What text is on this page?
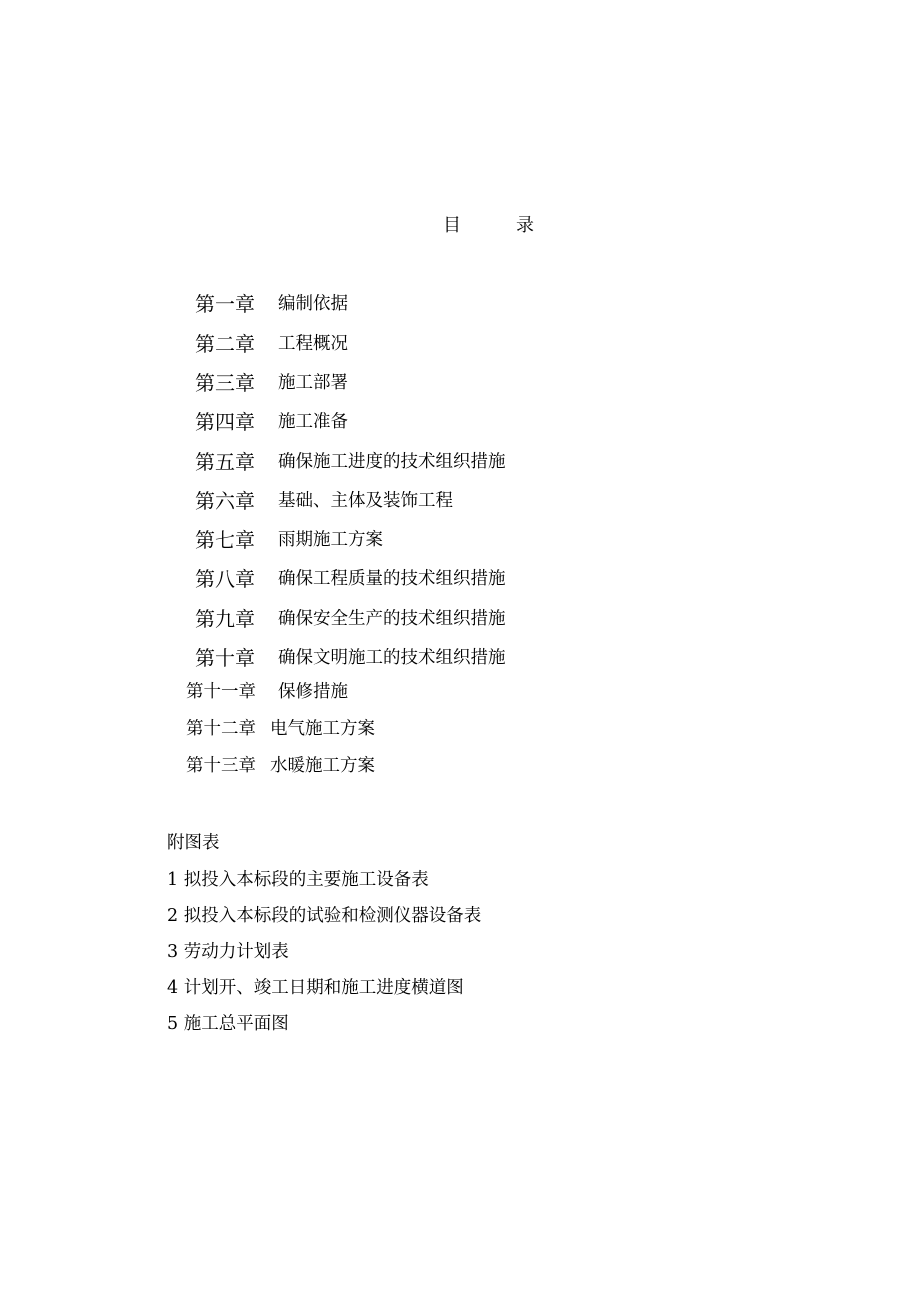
目	录
第一章 编制依据
第二章 工程概况
第三章 施工部署
第四章 施工准备
第五章 确保施工进度的技术组织措施
第六章 基础、主体及装饰工程
第七章 雨期施工方案
第八章 确保工程质量的技术组织措施
第九章 确保安全生产的技术组织措施
第十章 确保文明施工的技术组织措施
第十一章 保修措施
第十二章 电气施工方案
第十三章 水暖施工方案
附图表
1 拟投入本标段的主要施工设备表
2 拟投入本标段的试验和检测仪器设备表
3 劳动力计划表
4 计划开、竣工日期和施工进度横道图
5 施工总平面图
